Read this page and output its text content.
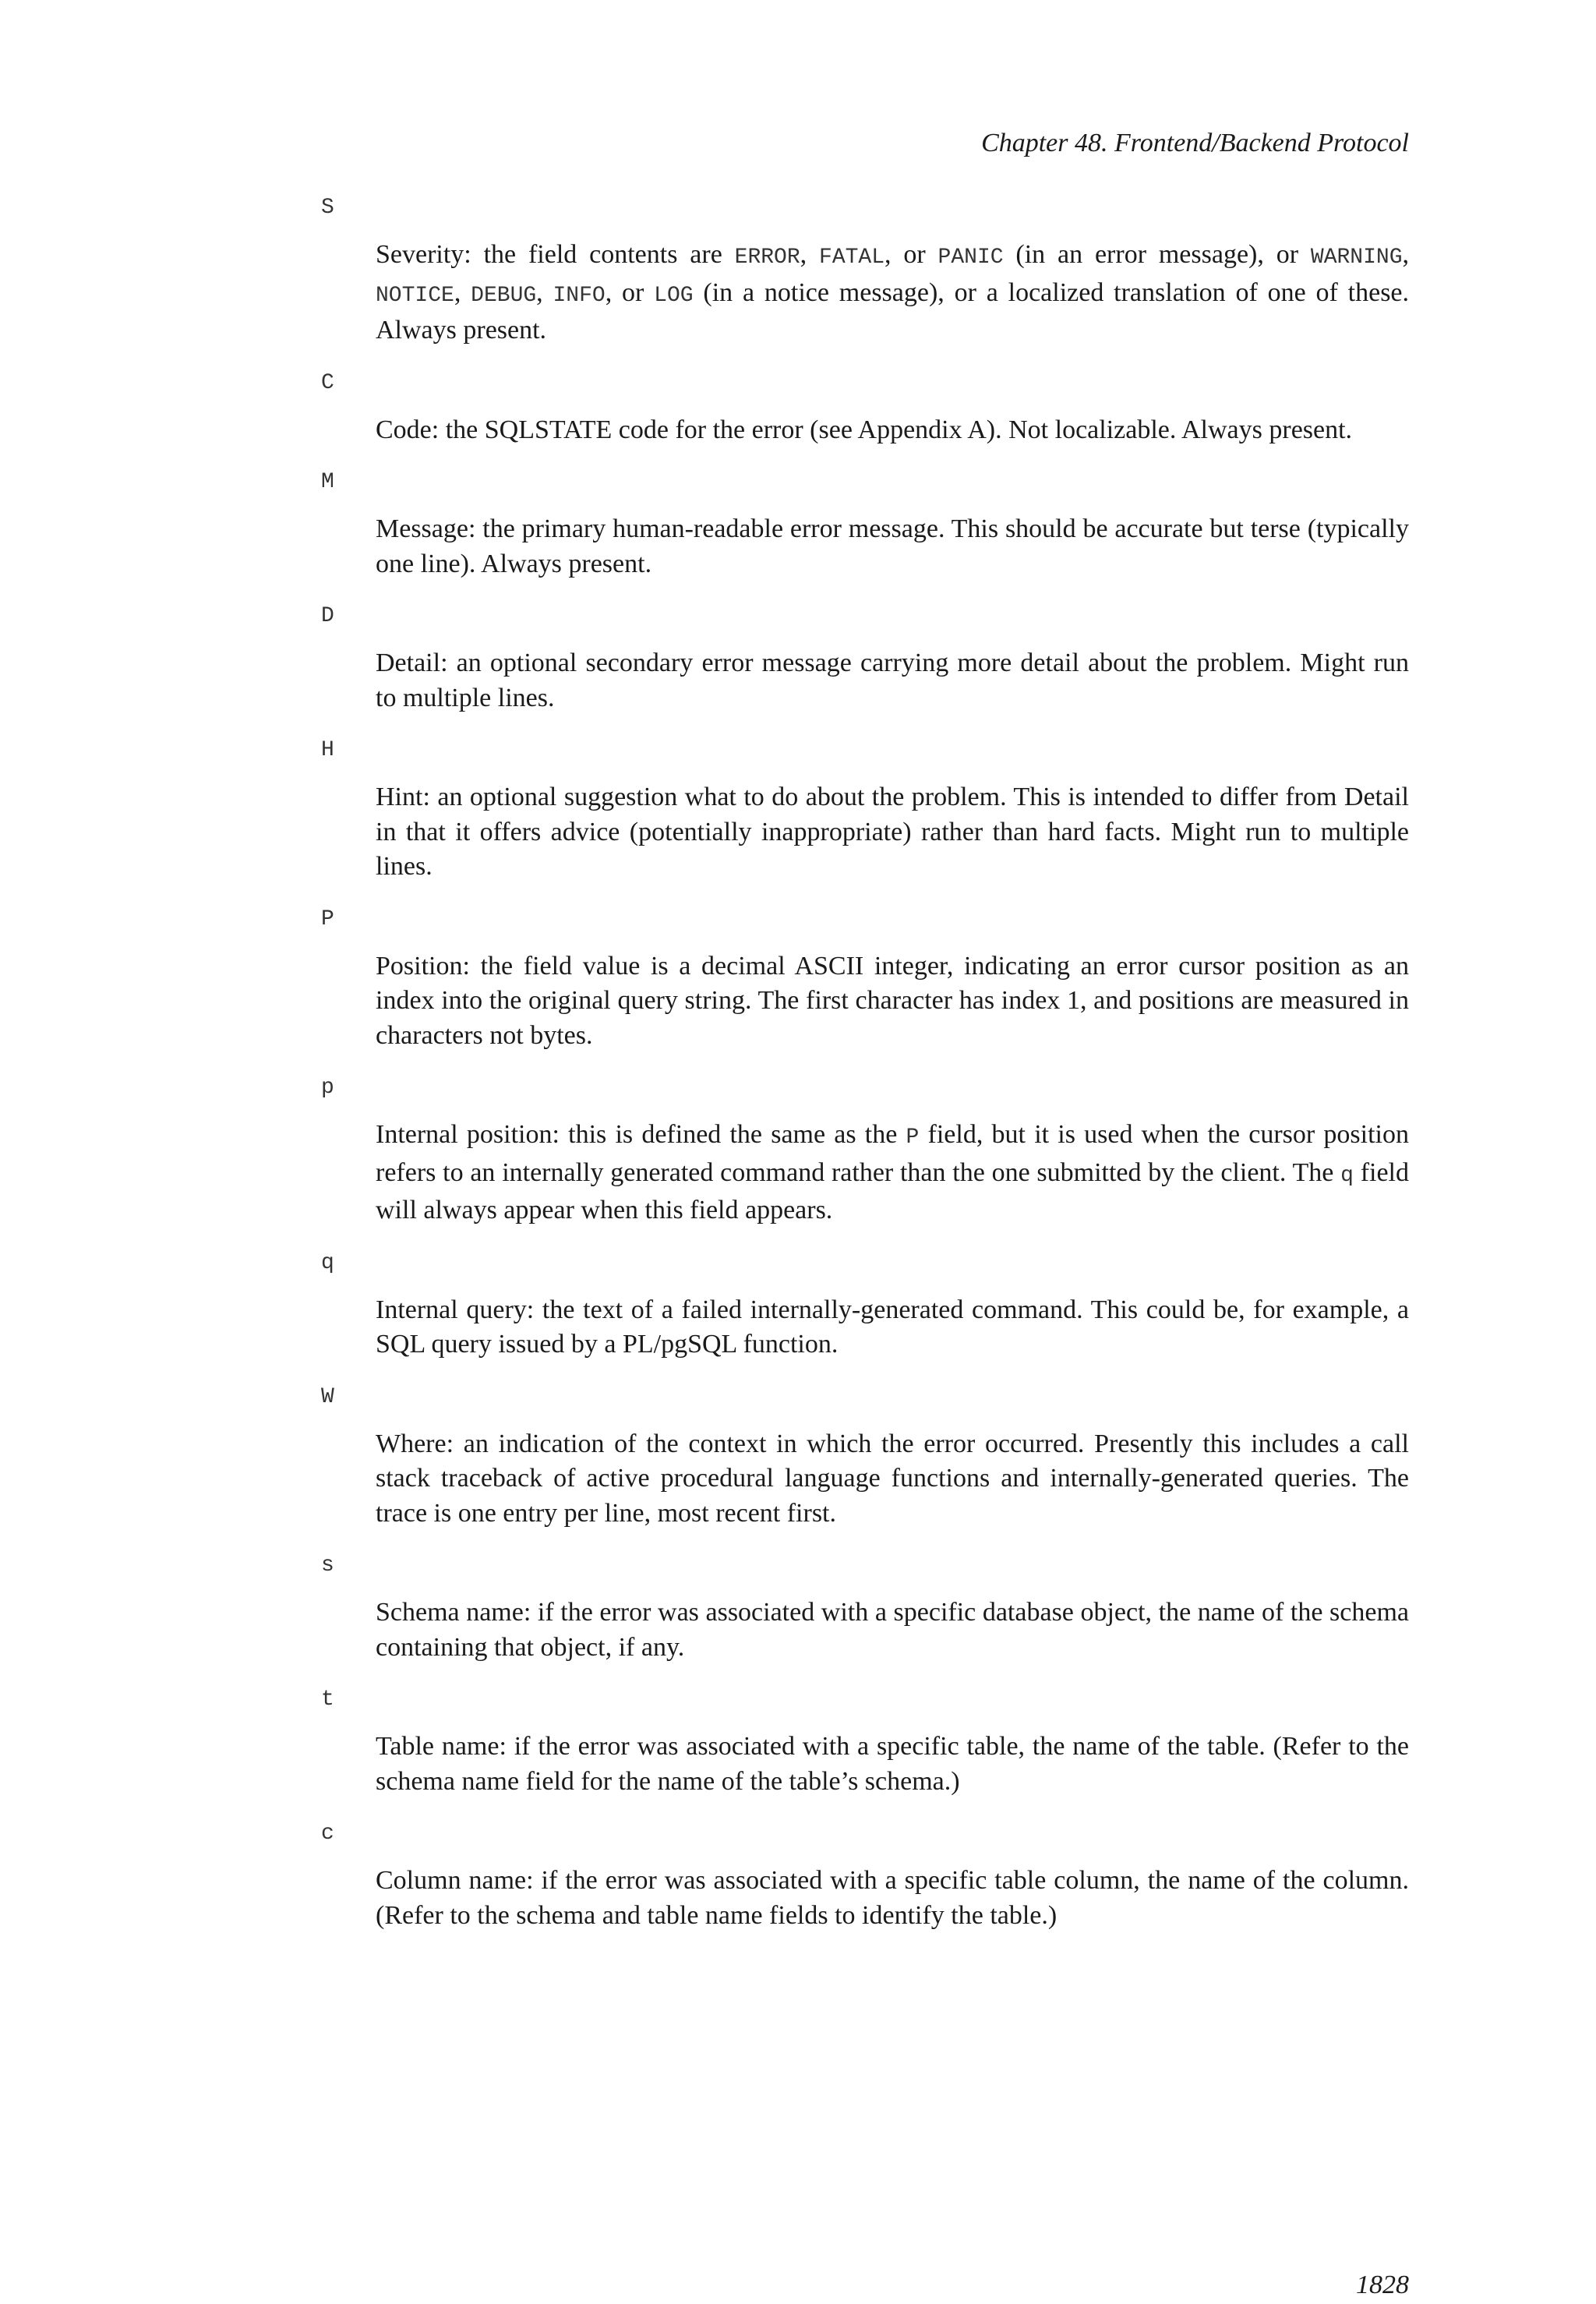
Chapter 48. Frontend/Backend Protocol
S
Severity: the field contents are ERROR, FATAL, or PANIC (in an error message), or WARNING, NOTICE, DEBUG, INFO, or LOG (in a notice message), or a localized translation of one of these. Always present.
C
Code: the SQLSTATE code for the error (see Appendix A). Not localizable. Always present.
M
Message: the primary human-readable error message. This should be accurate but terse (typically one line). Always present.
D
Detail: an optional secondary error message carrying more detail about the problem. Might run to multiple lines.
H
Hint: an optional suggestion what to do about the problem. This is intended to differ from Detail in that it offers advice (potentially inappropriate) rather than hard facts. Might run to multiple lines.
P
Position: the field value is a decimal ASCII integer, indicating an error cursor position as an index into the original query string. The first character has index 1, and positions are measured in characters not bytes.
p
Internal position: this is defined the same as the P field, but it is used when the cursor position refers to an internally generated command rather than the one submitted by the client. The q field will always appear when this field appears.
q
Internal query: the text of a failed internally-generated command. This could be, for example, a SQL query issued by a PL/pgSQL function.
W
Where: an indication of the context in which the error occurred. Presently this includes a call stack traceback of active procedural language functions and internally-generated queries. The trace is one entry per line, most recent first.
s
Schema name: if the error was associated with a specific database object, the name of the schema containing that object, if any.
t
Table name: if the error was associated with a specific table, the name of the table. (Refer to the schema name field for the name of the table’s schema.)
c
Column name: if the error was associated with a specific table column, the name of the column. (Refer to the schema and table name fields to identify the table.)
1828
